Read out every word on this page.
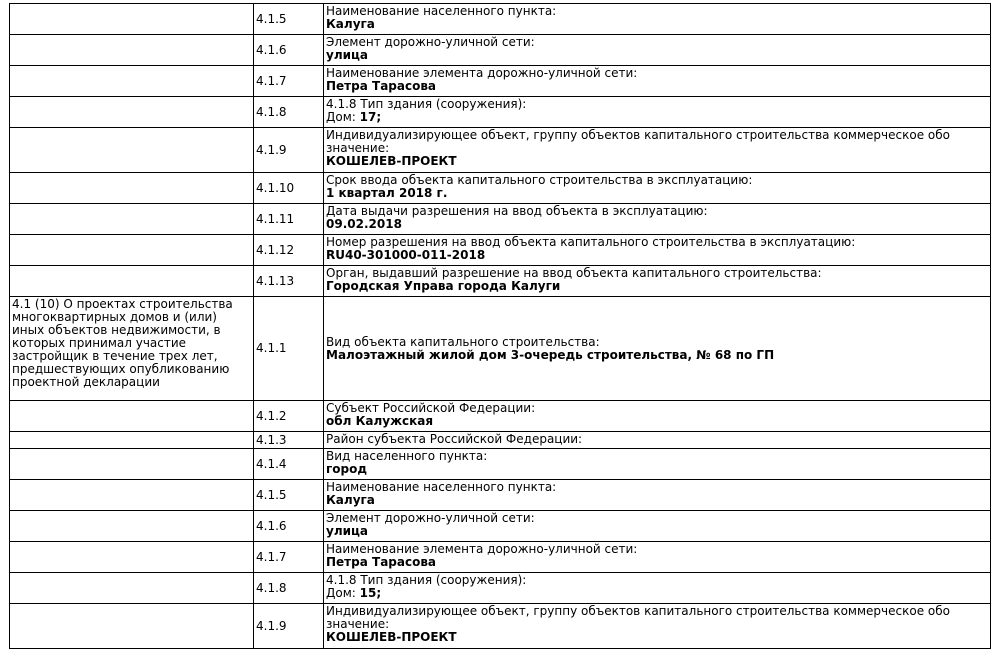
	4.1.5	Наименование населенного пункта:
Калуга

	4.1.6	Элемент дорожно-уличной сети:
улица

	4.1.7	Наименование элемента дорожно-уличной сети:
Петра Тарасова

	4.1.8	4.1.8 Тип здания (сооружения):
Дом: 17;
	4.1.9	Индивидуализирующее объект, группу объектов капитального строительства коммерческое обо
значение:
КОШЕЛЕВ-ПРОЕКТ

	4.1.10	Срок ввода объекта капитального строительства в эксплуатацию:
1 квартал 2018 г.

	4.1.11	Дата выдачи разрешения на ввод объекта в эксплуатацию:
09.02.2018

	4.1.12	Номер разрешения на ввод объекта капитального строительства в эксплуатацию:
RU40-301000-011-2018

	4.1.13	Орган, выдавший разрешение на ввод объекта капитального строительства:
Городская Управа города Калуги

4.1 (10) О проектах строительства многоквартирных домов и (или) иных объектов недвижимости, в которых принимал участие застройщик в течение трех лет, предшествующих опубликованию проектной декларации	4.1.1	Вид объекта капитального строительства:
Малоэтажный жилой дом 3-очередь строительства, № 68 по ГП

	4.1.2	Субъект Российской Федерации:
обл Калужская

	4.1.3	Район субъекта Российской Федерации:

	4.1.4	Вид населенного пункта:
город

	4.1.5	Наименование населенного пункта:
Калуга

	4.1.6	Элемент дорожно-уличной сети:
улица

	4.1.7	Наименование элемента дорожно-уличной сети:
Петра Тарасова

	4.1.8	4.1.8 Тип здания (сооружения):
Дом: 15;
	4.1.9	Индивидуализирующее объект, группу объектов капитального строительства коммерческое обо
значение:
КОШЕЛЕВ-ПРОЕКТ
